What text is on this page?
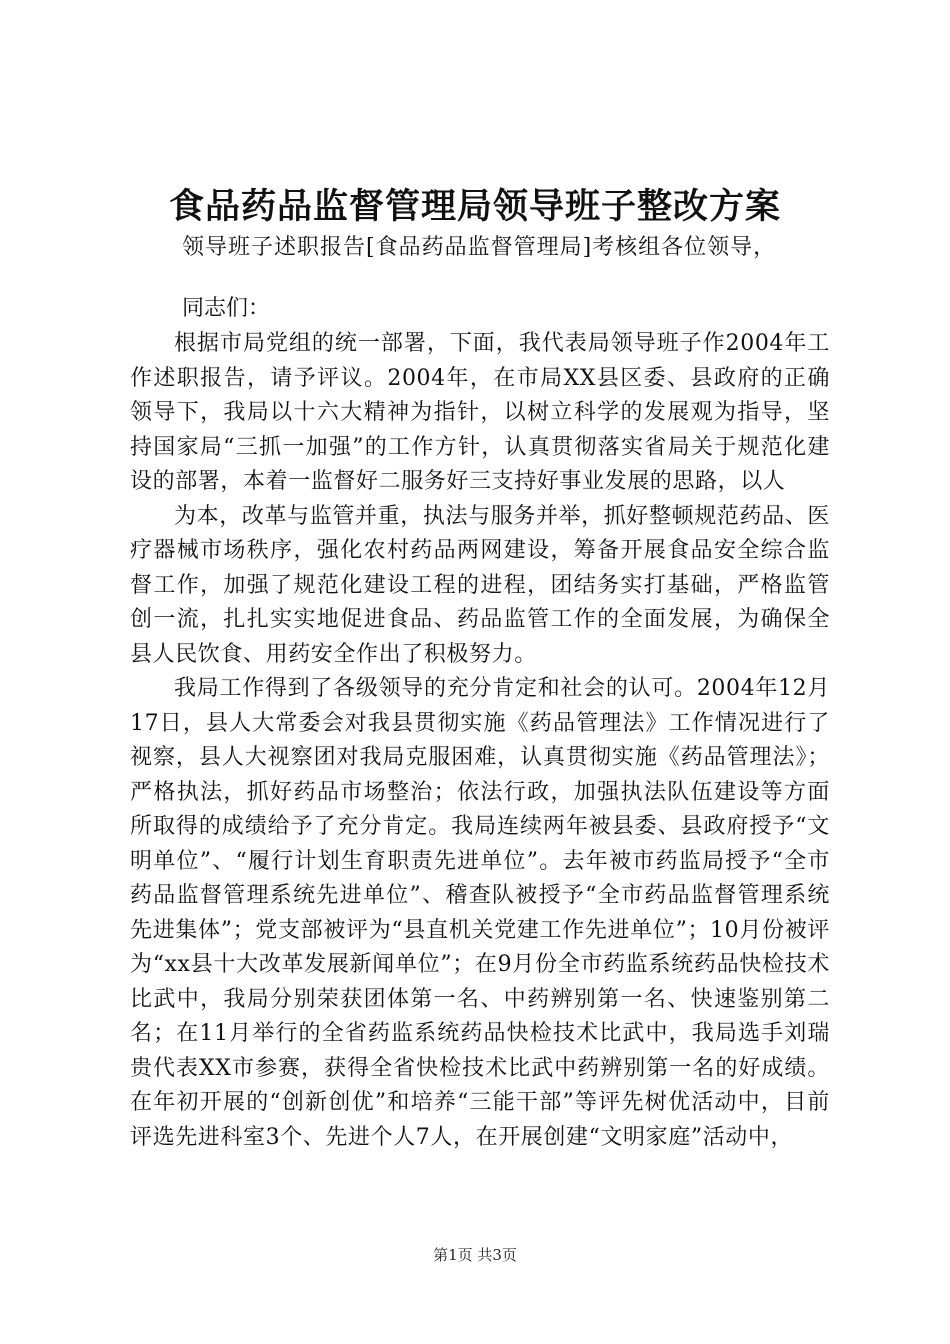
食品药品监督管理局领导班子整改方案

领导班子述职报告[食品药品监督管理局]考核组各位领导，

同志们：

根据市局党组的统一部署，下面，我代表局领导班子作2004年工作述职报告，请予评议。2004年，在市局XX县区委、县政府的正确领导下，我局以十六大精神为指针，以树立科学的发展观为指导，坚持国家局“三抓一加强”的工作方针，认真贯彻落实省局关于规范化建设的部署，本着一监督好二服务好三支持好事业发展的思路，以人

为本，改革与监管并重，执法与服务并举，抓好整顿规范药品、医疗器械市场秩序，强化农村药品两网建设，筹备开展食品安全综合监督工作，加强了规范化建设工程的进程，团结务实打基础，严格监管创一流，扎扎实实地促进食品、药品监管工作的全面发展，为确保全县人民饮食、用药安全作出了积极努力。

我局工作得到了各级领导的充分肯定和社会的认可。2004年12月17日，县人大常委会对我县贯彻实施《药品管理法》工作情况进行了视察，县人大视察团对我局克服困难，认真贯彻实施《药品管理法》；严格执法，抓好药品市场整治；依法行政，加强执法队伍建设等方面所取得的成绩给予了充分肯定。我局连续两年被县委、县政府授予“文明单位”、“履行计划生育职责先进单位”。去年被市药监局授予“全市药品监督管理系统先进单位”、稽查队被授予“全市药品监督管理系统先进集体”；党支部被评为“县直机关党建工作先进单位”；10月份被评为“xx县十大改革发展新闻单位”；在9月份全市药监系统药品快检技术比武中，我局分别荣获团体第一名、中药辨别第一名、快速鉴别第二名；在11月举行的全省药监系统药品快检技术比武中，我局选手刘瑞贵代表XX市参赛，获得全省快检技术比武中药辨别第一名的好成绩。在年初开展的“创新创优”和培养“三能干部”等评先树优活动中，目前评选先进科室3个、先进个人7人，在开展创建“文明家庭”活动中，

第1页 共3页
